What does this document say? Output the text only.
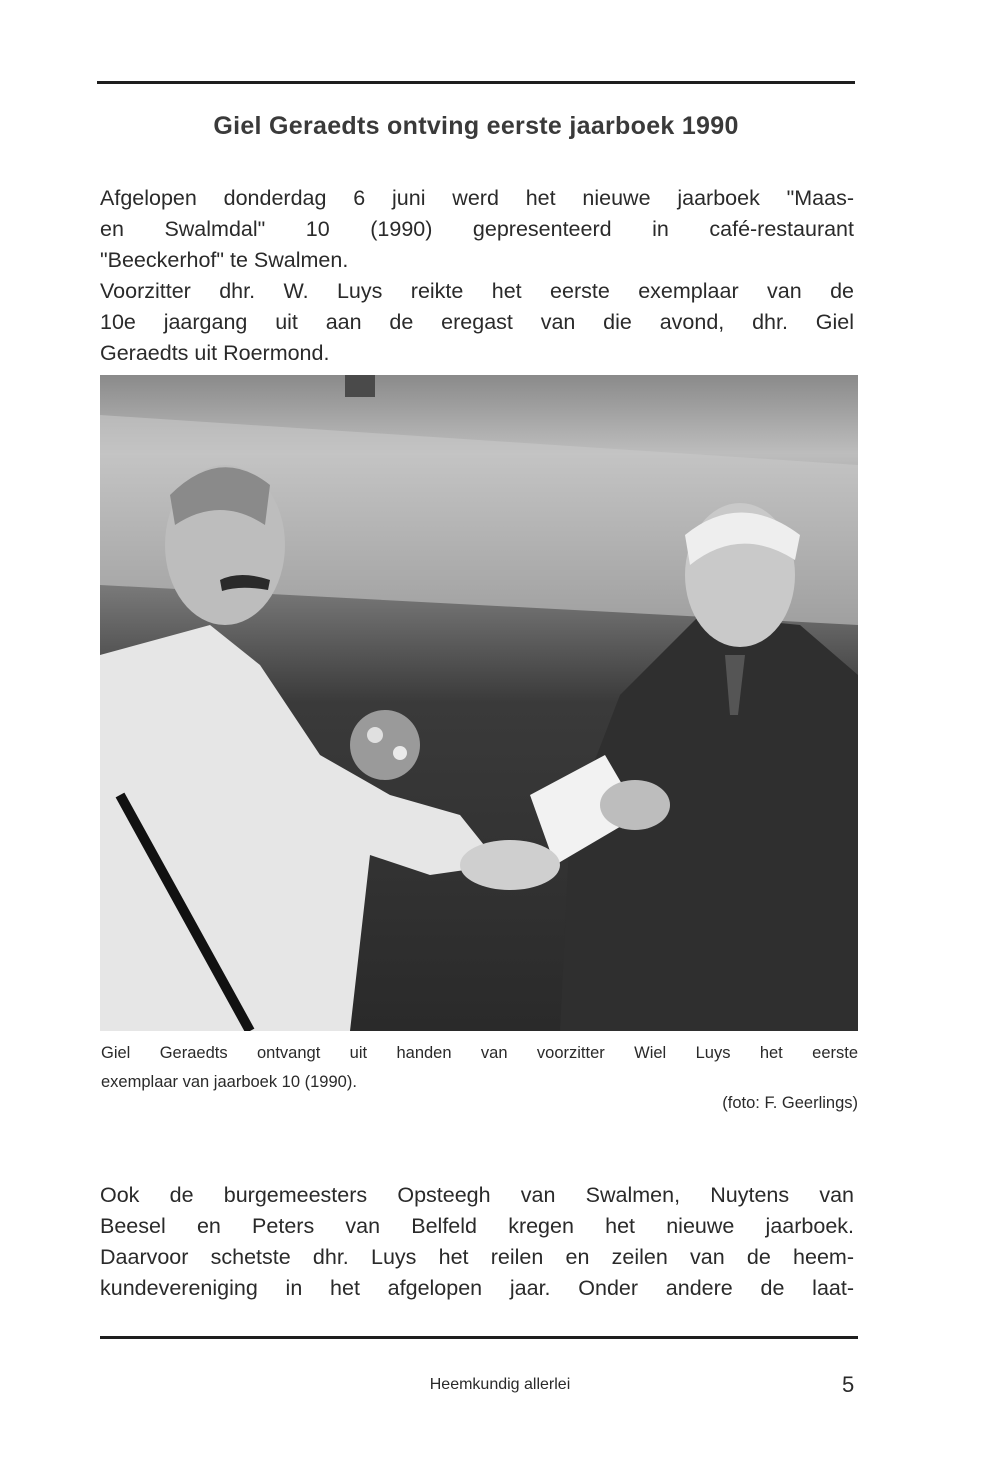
Giel Geraedts ontving eerste jaarboek 1990
Afgelopen donderdag 6 juni werd het nieuwe jaarboek "Maas-
en Swalmdal" 10 (1990) gepresenteerd in café-restaurant
"Beeckerhof" te Swalmen.
Voorzitter dhr. W. Luys reikte het eerste exemplaar van de
10e jaargang uit aan de eregast van die avond, dhr. Giel
Geraedts uit Roermond.
Giel Geraedts ontvangt uit handen van voorzitter Wiel Luys het eerste
exemplaar van jaarboek 10 (1990).
(foto: F. Geerlings)
Ook de burgemeesters Opsteegh van Swalmen, Nuytens van
Beesel en Peters van Belfeld kregen het nieuwe jaarboek.
Daarvoor schetste dhr. Luys het reilen en zeilen van de heem-
kundevereniging in het afgelopen jaar. Onder andere de laat-
Heemkundig allerlei	5
